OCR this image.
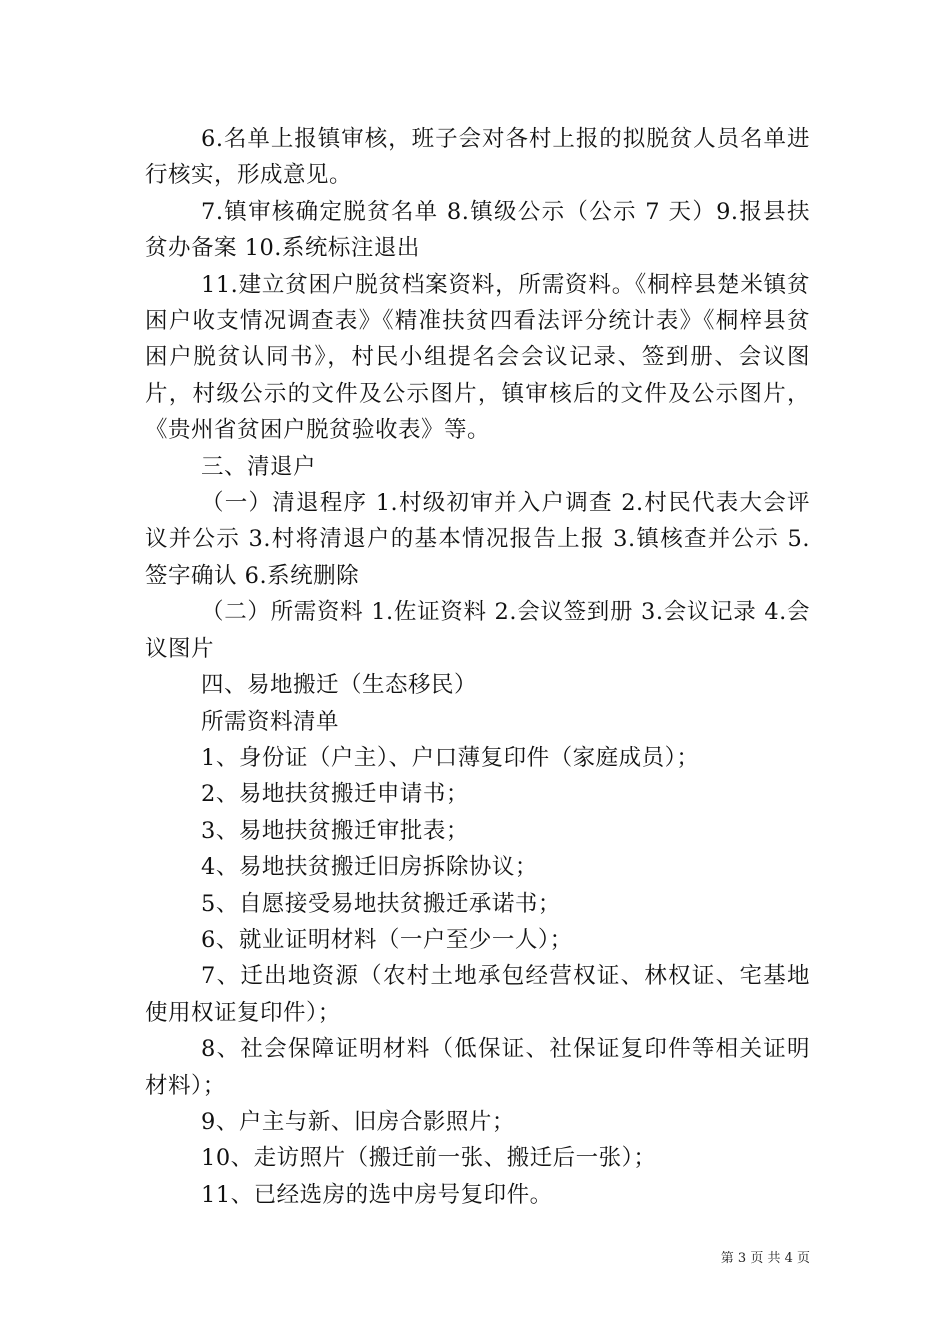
6.名单上报镇审核，班子会对各村上报的拟脱贫人员名单进行核实，形成意见。

7.镇审核确定脱贫名单 8.镇级公示（公示 7 天）9.报县扶贫办备案 10.系统标注退出

11.建立贫困户脱贫档案资料，所需资料。《桐梓县楚米镇贫困户收支情况调查表》《精准扶贫四看法评分统计表》《桐梓县贫困户脱贫认同书》，村民小组提名会会议记录、签到册、会议图片，村级公示的文件及公示图片，镇审核后的文件及公示图片，《贵州省贫困户脱贫验收表》等。

三、清退户

（一）清退程序 1.村级初审并入户调查 2.村民代表大会评议并公示 3.村将清退户的基本情况报告上报 3.镇核查并公示 5.签字确认 6.系统删除

（二）所需资料 1.佐证资料 2.会议签到册 3.会议记录 4.会议图片

四、易地搬迁（生态移民）

所需资料清单

1、身份证（户主）、户口薄复印件（家庭成员）；

2、易地扶贫搬迁申请书；

3、易地扶贫搬迁审批表；

4、易地扶贫搬迁旧房拆除协议；

5、自愿接受易地扶贫搬迁承诺书；

6、就业证明材料（一户至少一人）；

7、迁出地资源（农村土地承包经营权证、林权证、宅基地使用权证复印件）；

8、社会保障证明材料（低保证、社保证复印件等相关证明材料）；

9、户主与新、旧房合影照片；

10、走访照片（搬迁前一张、搬迁后一张）；

11、已经选房的选中房号复印件。

第 3 页 共 4 页
